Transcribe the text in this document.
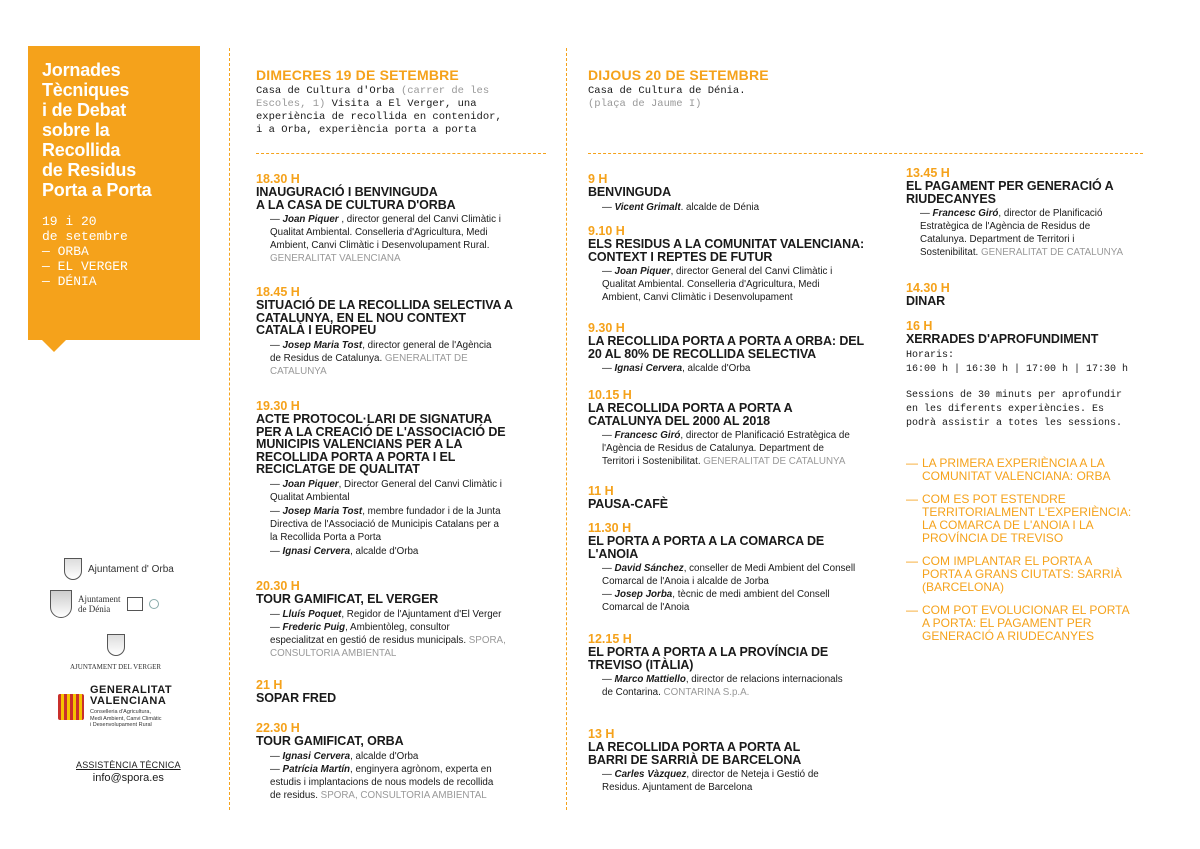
Jornades
Tècniques
i de Debat
sobre la
Recollida
de Residus
Porta a Porta
19 i 20
de setembre
— ORBA
— EL VERGER
— DÉNIA
Ajuntament d' Orba
Ajuntament
de Dénia
AJUNTAMENT DEL VERGER
GENERALITAT
VALENCIANA
Conselleria d'Agricultura,
Medi Ambient, Canvi Climàtic
i Desenvolupament Rural
ASSISTÈNCIA TÈCNICA
info@spora.es
DIMECRES 19 DE SETEMBRE
Casa de Cultura d'Orba (carrer de les
Escoles, 1) Visita a El Verger, una
experiència de recollida en contenidor,
i a Orba, experiència porta a porta
18.30 H
INAUGURACIÓ I BENVINGUDA
A LA CASA DE CULTURA D'ORBA
— Joan Piquer , director general del Canvi Climàtic i
Qualitat Ambiental. Conselleria d'Agricultura, Medi
Ambient, Canvi Climàtic i Desenvolupament Rural.
GENERALITAT VALENCIANA
18.45 H
SITUACIÓ DE LA RECOLLIDA SELECTIVA A
CATALUNYA, EN EL NOU CONTEXT
CATALÀ I EUROPEU
— Josep Maria Tost, director general de l'Agència
de Residus de Catalunya. GENERALITAT DE
CATALUNYA
19.30 H
ACTE PROTOCOL·LARI DE SIGNATURA
PER A LA CREACIÓ DE L'ASSOCIACIÓ DE
MUNICIPIS VALENCIANS PER A LA
RECOLLIDA PORTA A PORTA I EL
RECICLATGE DE QUALITAT
— Joan Piquer, Director General del Canvi Climàtic i
Qualitat Ambiental
— Josep Maria Tost, membre fundador i de la Junta
Directiva de l'Associació de Municipis Catalans per a
la Recollida Porta a Porta
— Ignasi Cervera, alcalde d'Orba
20.30 H
TOUR GAMIFICAT, EL VERGER
— Lluís Poquet, Regidor de l'Ajuntament d'El Verger
— Frederic Puig, Ambientòleg, consultor
especialitzat en gestió de residus municipals. SPORA,
CONSULTORIA AMBIENTAL
21 H
SOPAR FRED
22.30 H
TOUR GAMIFICAT, ORBA
— Ignasi Cervera, alcalde d'Orba
— Patrícia Martín, enginyera agrònom, experta en
estudis i implantacions de nous models de recollida
de residus. SPORA, CONSULTORIA AMBIENTAL
DIJOUS 20 DE SETEMBRE
Casa de Cultura de Dénia.
(plaça de Jaume I)
9 H
BENVINGUDA
— Vicent Grimalt. alcalde de Dénia
9.10 H
ELS RESIDUS A LA COMUNITAT VALENCIANA:
CONTEXT I REPTES DE FUTUR
— Joan Piquer, director General del Canvi Climàtic i
Qualitat Ambiental. Conselleria d'Agricultura, Medi
Ambient, Canvi Climàtic i Desenvolupament
9.30 H
LA RECOLLIDA PORTA A PORTA A ORBA: DEL
20 AL 80% DE RECOLLIDA SELECTIVA
— Ignasi Cervera, alcalde d'Orba
10.15 H
LA RECOLLIDA PORTA A PORTA A
CATALUNYA DEL 2000 AL 2018
— Francesc Giró, director de Planificació Estratègica de
l'Agència de Residus de Catalunya. Department de
Territori i Sostenibilitat. GENERALITAT DE CATALUNYA
11 H
PAUSA-CAFÈ
11.30 H
EL PORTA A PORTA A LA COMARCA DE
L'ANOIA
— David Sánchez, conseller de Medi Ambient del Consell
Comarcal de l'Anoia i alcalde de Jorba
— Josep Jorba, tècnic de medi ambient del Consell
Comarcal de l'Anoia
12.15 H
EL PORTA A PORTA A LA PROVÍNCIA DE
TREVISO (ITÀLIA)
— Marco Mattiello, director de relacions internacionals
de Contarina. CONTARINA S.p.A.
13 H
LA RECOLLIDA PORTA A PORTA AL
BARRI DE SARRIÀ DE BARCELONA
— Carles Vàzquez, director de Neteja i Gestió de
Residus. Ajuntament de Barcelona
13.45 H
EL PAGAMENT PER GENERACIÓ A
RIUDECANYES
— Francesc Giró, director de Planificació
Estratègica de l'Agència de Residus de
Catalunya. Department de Territori i
Sostenibilitat. GENERALITAT DE CATALUNYA
14.30 H
DINAR
16 H
XERRADES D'APROFUNDIMENT
Horaris:
16:00 h | 16:30 h | 17:00 h | 17:30 h
Sessions de 30 minuts per aprofundir
en les diferents experiències. Es
podrà assistir a totes les sessions.
— LA PRIMERA EXPERIÈNCIA A LA
COMUNITAT VALENCIANA: ORBA
— COM ES POT ESTENDRE
TERRITORIALMENT L'EXPERIÈNCIA:
LA COMARCA DE L'ANOIA I LA
PROVÍNCIA DE TREVISO
— COM IMPLANTAR EL PORTA A
PORTA A GRANS CIUTATS: SARRIÀ
(BARCELONA)
— COM POT EVOLUCIONAR EL PORTA
A PORTA: EL PAGAMENT PER
GENERACIÓ A RIUDECANYES
